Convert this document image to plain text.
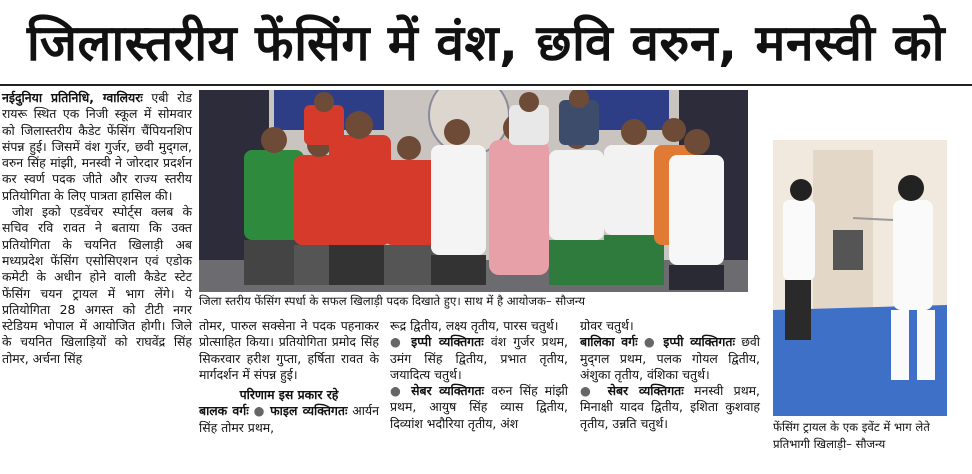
जिलास्तरीय फेंसिंग में वंश, छवि वरुन, मनस्वी को

नईदुनिया प्रतिनिधि, ग्वालियरः एबी रोड रायरू स्थित एक निजी स्कूल में सोमवार को जिलास्तरीय कैडेट फेंसिंग चैंपियनशिप संपन्न हुई। जिसमें वंश गुर्जर, छवी मुद्‌गल, वरुन सिंह मांझी, मनस्वी ने जोरदार प्रदर्शन कर स्वर्ण पदक जीते और राज्य स्तरीय प्रतियोगिता के लिए पात्रता हासिल की।

जोश इको एडवेंचर स्पोर्ट्स क्लब के सचिव रवि रावत ने बताया कि उक्त प्रतियोगिता के चयनित खिलाड़ी अब मध्यप्रदेश फेंसिंग एसोसिएशन एवं एडोक कमेटी के अधीन होने वाली कैडेट स्टेट फेंसिंग चयन ट्रायल में भाग लेंगे। ये प्रतियोगिता 28 अगस्त को टीटी नगर स्टेडियम भोपाल में आयोजित होगी। जिले के चयनित खिलाड़ियों को राघवेंद्र सिंह तोमर, अर्चना सिंह

जिला स्तरीय फेंसिंग स्पर्धा के सफल खिलाड़ी पदक दिखाते हुए। साथ में है आयोजक– सौजन्य
फेंसिंग ट्रायल के एक इवेंट में भाग लेते प्रतिभागी खिलाड़ी– सौजन्य

तोमर, पारुल सक्सेना ने पदक पहनाकर प्रोत्साहित किया। प्रतियोगिता प्रमोद सिंह सिकरवार हरीश गुप्ता, हर्षिता रावत के मार्गदर्शन में संपन्न हुई।

परिणाम इस प्रकार रहे

बालक वर्गः ● फाइल व्यक्तिगतः आर्यन सिंह तोमर प्रथम,

रूद्र द्वितीय, लक्ष्य तृतीय, पारस चतुर्थ।

● इप्पी व्यक्तिगतः वंश गुर्जर प्रथम, उमंग सिंह द्वितीय, प्रभात तृतीय, जयादित्य चतुर्थ।

● सेबर व्यक्तिगतः वरुन सिंह मांझी प्रथम, आयुष सिंह व्यास द्वितीय, दिव्यांश भदौरिया तृतीय, अंश

ग्रोवर चतुर्थ।

बालिका वर्गः ● इप्पी व्यक्तिगतः छवी मुद्‌गल प्रथम, पलक गोयल द्वितीय, अंशुका तृतीय, वंशिका चतुर्थ।

● सेबर व्यक्तिगतः मनस्वी प्रथम, मिनाक्षी यादव द्वितीय, इशिता कुशवाह तृतीय, उन्नति चतुर्थ।
